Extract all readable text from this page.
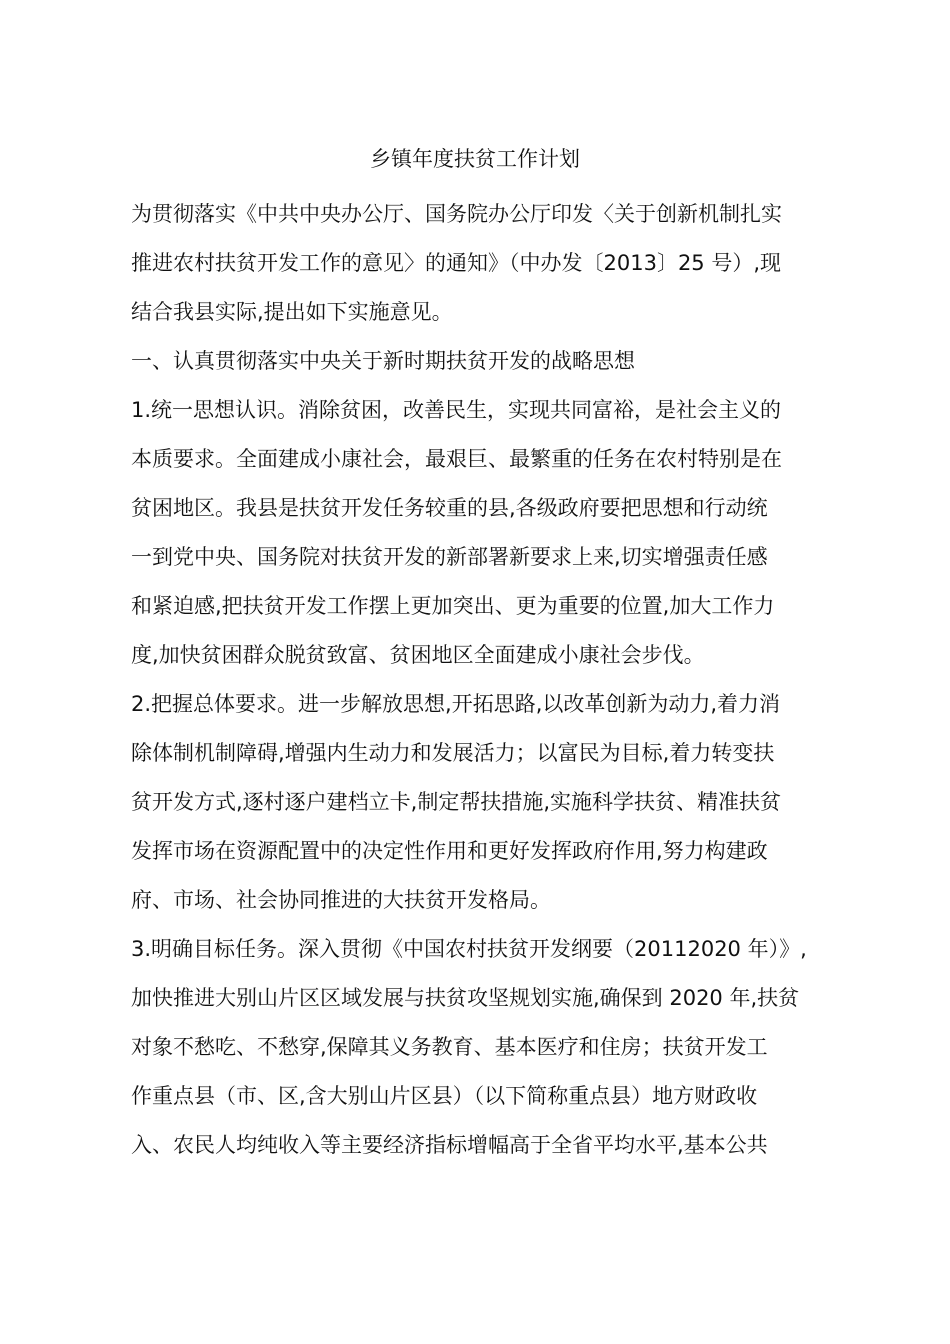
乡镇年度扶贫工作计划
为贯彻落实《中共中央办公厅、国务院办公厅印发〈关于创新机制扎实
推进农村扶贫开发工作的意见〉的通知》（中办发〔2013〕25 号）,现
结合我县实际,提出如下实施意见。
一、认真贯彻落实中央关于新时期扶贫开发的战略思想
1.统一思想认识。消除贫困，改善民生，实现共同富裕，是社会主义的
本质要求。全面建成小康社会，最艰巨、最繁重的任务在农村特别是在
贫困地区。我县是扶贫开发任务较重的县,各级政府要把思想和行动统
一到党中央、国务院对扶贫开发的新部署新要求上来,切实增强责任感
和紧迫感,把扶贫开发工作摆上更加突出、更为重要的位置,加大工作力
度,加快贫困群众脱贫致富、贫困地区全面建成小康社会步伐。
2.把握总体要求。进一步解放思想,开拓思路,以改革创新为动力,着力消
除体制机制障碍,增强内生动力和发展活力；以富民为目标,着力转变扶
贫开发方式,逐村逐户建档立卡,制定帮扶措施,实施科学扶贫、精准扶贫
发挥市场在资源配置中的决定性作用和更好发挥政府作用,努力构建政
府、市场、社会协同推进的大扶贫开发格局。
3.明确目标任务。深入贯彻《中国农村扶贫开发纲要（20112020 年）》,
加快推进大别山片区区域发展与扶贫攻坚规划实施,确保到 2020 年,扶贫
对象不愁吃、不愁穿,保障其义务教育、基本医疗和住房；扶贫开发工
作重点县（市、区,含大别山片区县）（以下简称重点县）地方财政收
入、农民人均纯收入等主要经济指标增幅高于全省平均水平,基本公共
